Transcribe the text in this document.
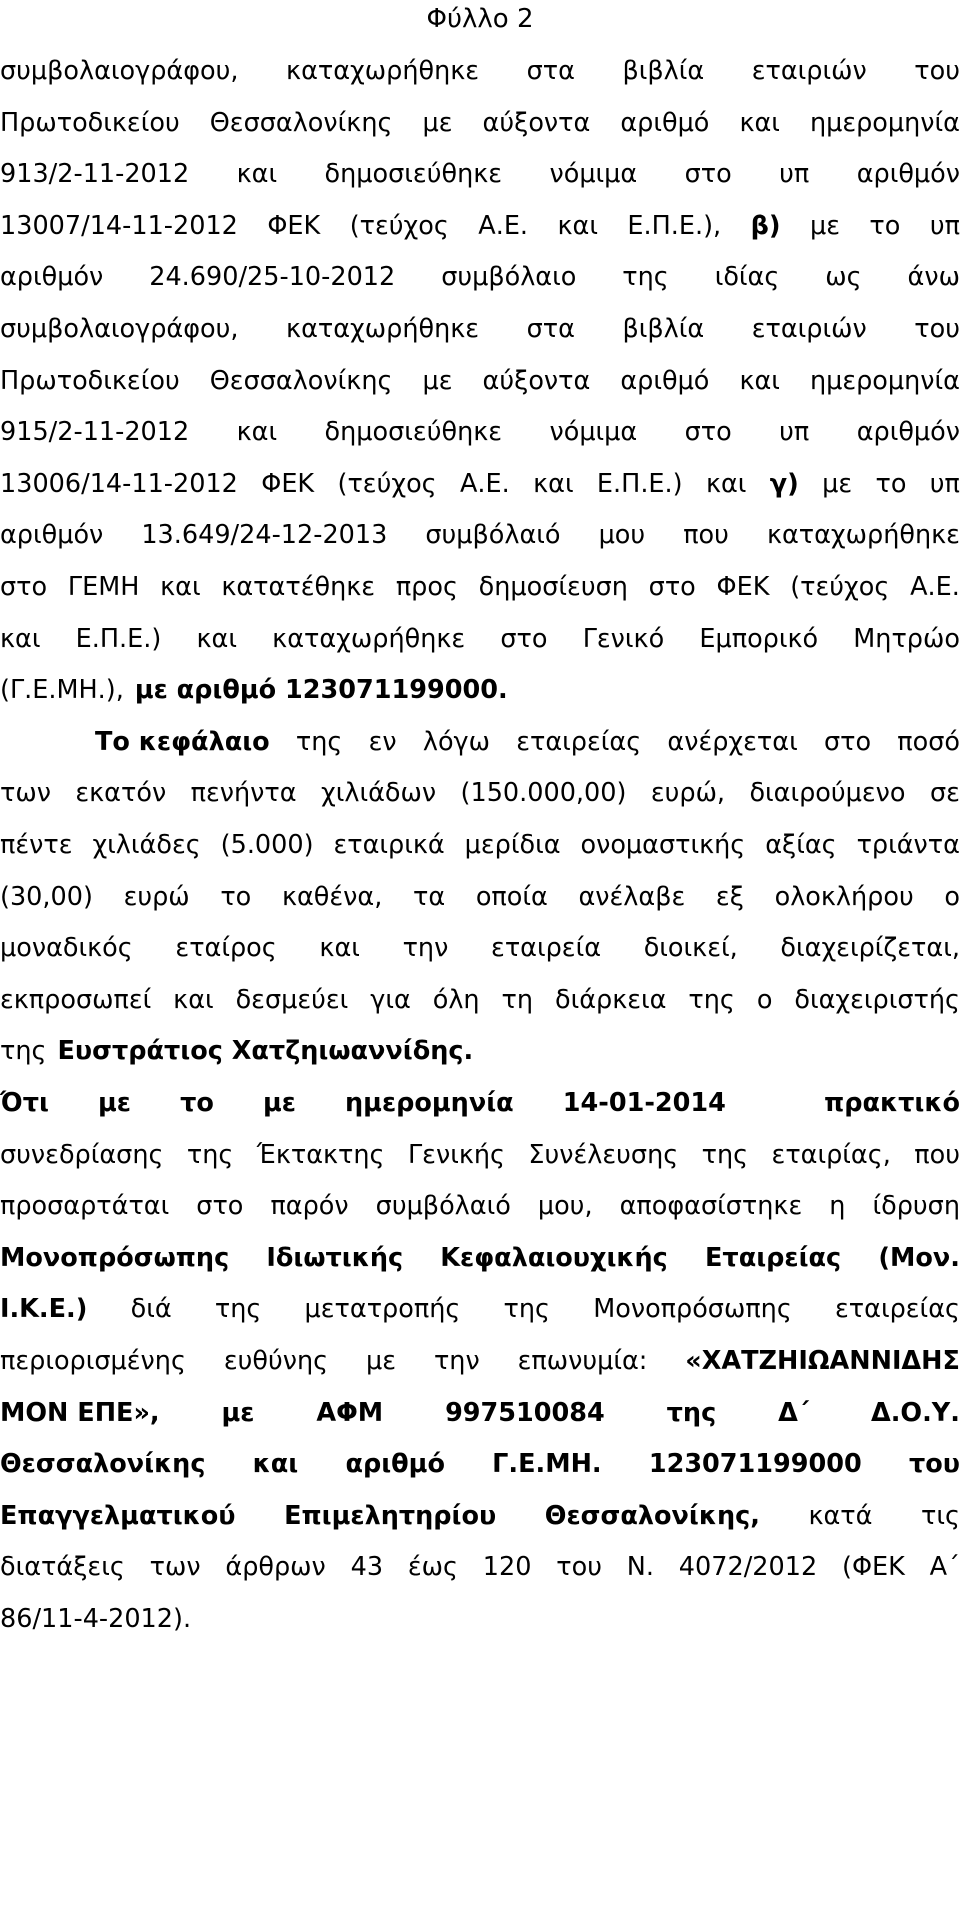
Φύλλο 2
συμβολαιογράφου, καταχωρήθηκε στα βιβλία εταιριών του
Πρωτοδικείου Θεσσαλονίκης με αύξοντα αριθμό και ημερομηνία
913/2-11-2012 και δημοσιεύθηκε νόμιμα στο υπ αριθμόν
13007/14-11-2012 ΦΕΚ (τεύχος Α.Ε. και Ε.Π.Ε.), β) με το υπ
αριθμόν 24.690/25-10-2012 συμβόλαιο της ιδίας ως άνω
συμβολαιογράφου, καταχωρήθηκε στα βιβλία εταιριών του
Πρωτοδικείου Θεσσαλονίκης με αύξοντα αριθμό και ημερομηνία
915/2-11-2012 και δημοσιεύθηκε νόμιμα στο υπ αριθμόν
13006/14-11-2012 ΦΕΚ (τεύχος Α.Ε. και Ε.Π.Ε.) και γ) με το υπ
αριθμόν 13.649/24-12-2013 συμβόλαιό μου που καταχωρήθηκε
στο ΓΕΜΗ και κατατέθηκε προς δημοσίευση στο ΦΕΚ (τεύχος Α.Ε.
και Ε.Π.Ε.) και καταχωρήθηκε στο Γενικό Εμπορικό Μητρώο
(Γ.Ε.ΜΗ.), με αριθμό 123071199000.
Το κεφάλαιο της εν λόγω εταιρείας ανέρχεται στο ποσό
των εκατόν πενήντα χιλιάδων (150.000,00) ευρώ, διαιρούμενο σε
πέντε χιλιάδες (5.000) εταιρικά μερίδια ονομαστικής αξίας τριάντα
(30,00) ευρώ το καθένα, τα οποία ανέλαβε εξ ολοκλήρου ο
μοναδικός εταίρος και την εταιρεία διοικεί, διαχειρίζεται,
εκπροσωπεί και δεσμεύει για όλη τη διάρκεια της ο διαχειριστής
της Ευστράτιος Χατζηιωαννίδης.
Ότι με το με ημερομηνία 14-01-2014	πρακτικό
συνεδρίασης της Έκτακτης Γενικής Συνέλευσης της εταιρίας, που
προσαρτάται στο παρόν συμβόλαιό μου, αποφασίστηκε η ίδρυση
Μονοπρόσωπης Ιδιωτικής Κεφαλαιουχικής Εταιρείας (Μον.
Ι.Κ.Ε.) διά της μετατροπής της Μονοπρόσωπης εταιρείας
περιορισμένης ευθύνης με την επωνυμία: «ΧΑΤΖΗΙΩΑΝΝΙΔΗΣ
ΜΟΝ ΕΠΕ», με ΑΦΜ 997510084 της Δ΄ Δ.Ο.Υ.
Θεσσαλονίκης και αριθμό Γ.Ε.ΜΗ. 123071199000 του
Επαγγελματικού Επιμελητηρίου Θεσσαλονίκης, κατά τις
διατάξεις των άρθρων 43 έως 120 του Ν. 4072/2012 (ΦΕΚ Α΄
86/11-4-2012).
